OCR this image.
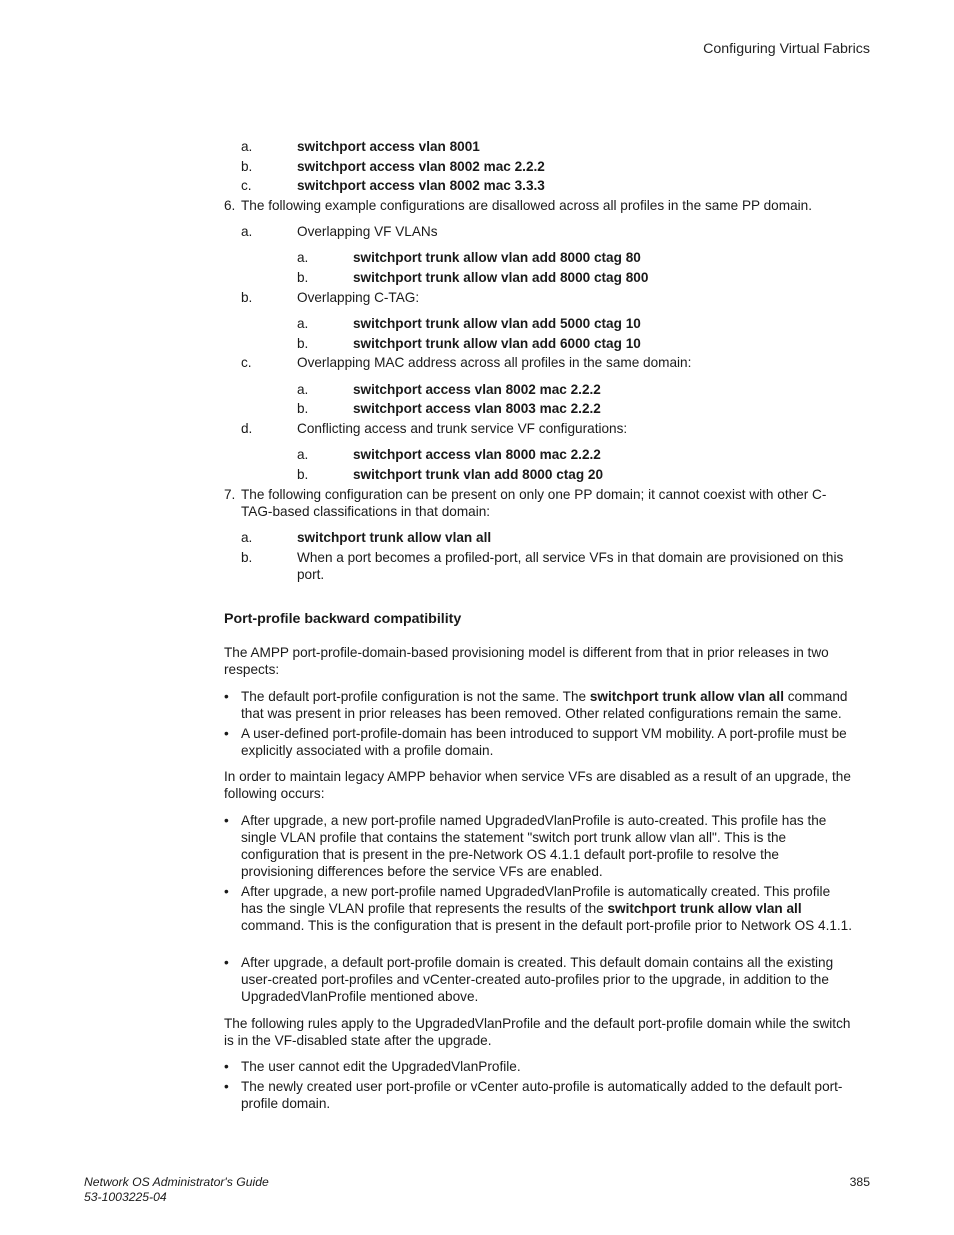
Configuring Virtual Fabrics
a.	switchport access vlan 8001
b.	switchport access vlan 8002 mac 2.2.2
c.	switchport access vlan 8002 mac 3.3.3
6. The following example configurations are disallowed across all profiles in the same PP domain.
a.	Overlapping VF VLANs
a.	switchport trunk allow vlan add 8000 ctag 80
b.	switchport trunk allow vlan add 8000 ctag 800
b.	Overlapping C-TAG:
a.	switchport trunk allow vlan add 5000 ctag 10
b.	switchport trunk allow vlan add 6000 ctag 10
c.	Overlapping MAC address across all profiles in the same domain:
a.	switchport access vlan 8002 mac 2.2.2
b.	switchport access vlan 8003 mac 2.2.2
d.	Conflicting access and trunk service VF configurations:
a.	switchport access vlan 8000 mac 2.2.2
b.	switchport trunk vlan add 8000 ctag 20
7. The following configuration can be present on only one PP domain; it cannot coexist with other C-
TAG-based classifications in that domain:
a.	switchport trunk allow vlan all
b.	When a port becomes a profiled-port, all service VFs in that domain are provisioned on this port.
Port-profile backward compatibility
The AMPP port-profile-domain-based provisioning model is different from that in prior releases in two respects:
• The default port-profile configuration is not the same. The switchport trunk allow vlan all command that was present in prior releases has been removed. Other related configurations remain the same.
• A user-defined port-profile-domain has been introduced to support VM mobility. A port-profile must be explicitly associated with a profile domain.
In order to maintain legacy AMPP behavior when service VFs are disabled as a result of an upgrade, the following occurs:
• After upgrade, a new port-profile named UpgradedVlanProfile is auto-created. This profile has the single VLAN profile that contains the statement "switch port trunk allow vlan all". This is the configuration that is present in the pre-Network OS 4.1.1 default port-profile to resolve the provisioning differences before the service VFs are enabled.
• After upgrade, a new port-profile named UpgradedVlanProfile is automatically created. This profile has the single VLAN profile that represents the results of the switchport trunk allow vlan all command. This is the configuration that is present in the default port-profile prior to Network OS 4.1.1.
• After upgrade, a default port-profile domain is created. This default domain contains all the existing user-created port-profiles and vCenter-created auto-profiles prior to the upgrade, in addition to the UpgradedVlanProfile mentioned above.
The following rules apply to the UpgradedVlanProfile and the default port-profile domain while the switch is in the VF-disabled state after the upgrade.
• The user cannot edit the UpgradedVlanProfile.
• The newly created user port-profile or vCenter auto-profile is automatically added to the default port-profile domain.
Network OS Administrator's Guide
53-1003225-04
385
